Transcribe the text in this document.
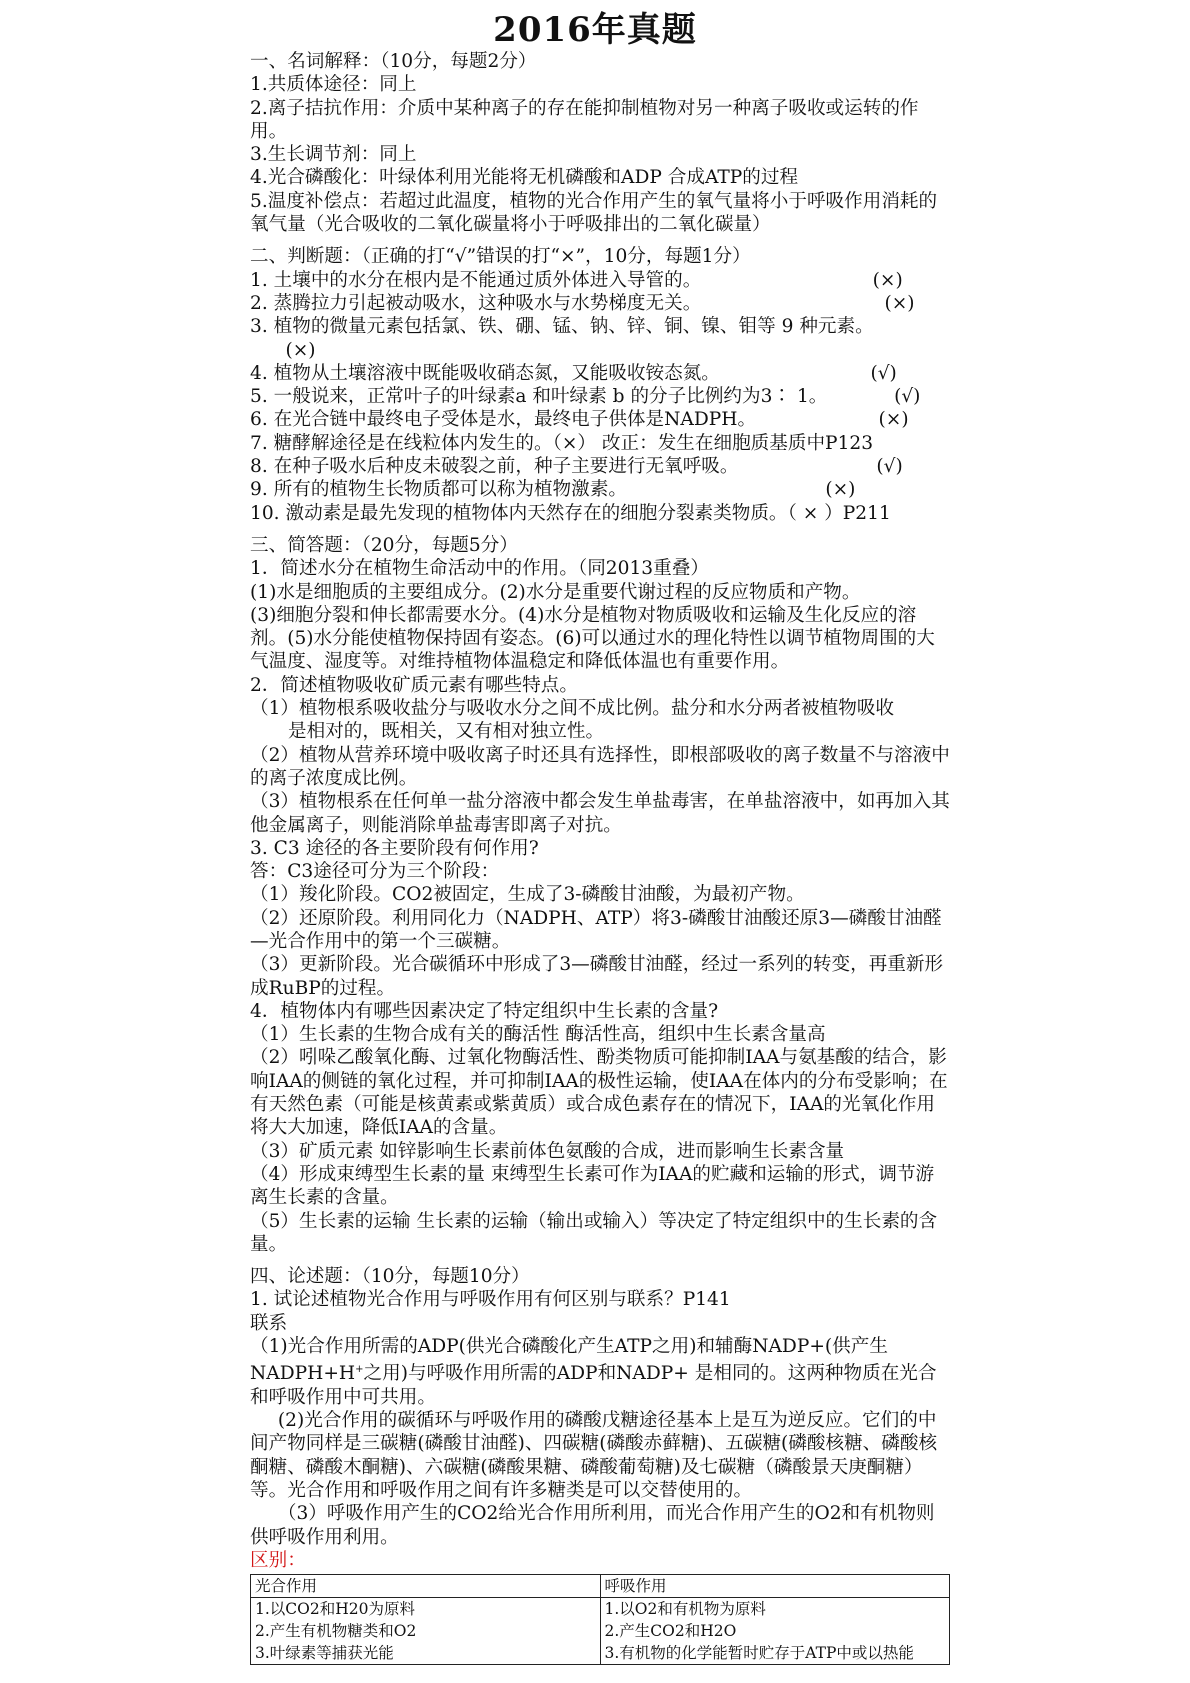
2016年真题

一、名词解释：（10分，每题2分）

1.共质体途径：同上

2.离子拮抗作用：介质中某种离子的存在能抑制植物对另一种离子吸收或运转的作用。

3.生长调节剂：同上

4.光合磷酸化：叶绿体利用光能将无机磷酸和ADP 合成ATP的过程

5.温度补偿点：若超过此温度，植物的光合作用产生的氧气量将小于呼吸作用消耗的氧气量（光合吸收的二氧化碳量将小于呼吸排出的二氧化碳量）

二、判断题：（正确的打“√”错误的打“×”，10分，每题1分）

1. 土壤中的水分在根内是不能通过质外体进入导管的。	(×)
2. 蒸腾拉力引起被动吸水，这种吸水与水势梯度无关。	(×)
3. 植物的微量元素包括氯、铁、硼、锰、钠、锌、铜、镍、钼等 9 种元素。
(×)
4. 植物从土壤溶液中既能吸收硝态氮，又能吸收铵态氮。	(√)
5. 一般说来，正常叶子的叶绿素a 和叶绿素 b 的分子比例约为3∶ 1。	(√)
6. 在光合链中最终电子受体是水，最终电子供体是NADPH。	(×)
7. 糖酵解途径是在线粒体内发生的。（×） 改正：发生在细胞质基质中P123
8. 在种子吸水后种皮未破裂之前，种子主要进行无氧呼吸。	(√)
9. 所有的植物生长物质都可以称为植物激素。	(×)
10. 激动素是最先发现的植物体内天然存在的细胞分裂素类物质。（ × ）P211

三、简答题：（20分，每题5分）

1．简述水分在植物生命活动中的作用。（同2013重叠）

(1)水是细胞质的主要组成分。(2)水分是重要代谢过程的反应物质和产物。

(3)细胞分裂和伸长都需要水分。(4)水分是植物对物质吸收和运输及生化反应的溶剂。(5)水分能使植物保持固有姿态。(6)可以通过水的理化特性以调节植物周围的大气温度、湿度等。对维持植物体温稳定和降低体温也有重要作用。

2．简述植物吸收矿质元素有哪些特点。

（1）植物根系吸收盐分与吸收水分之间不成比例。盐分和水分两者被植物吸收

是相对的，既相关，又有相对独立性。

（2）植物从营养环境中吸收离子时还具有选择性，即根部吸收的离子数量不与溶液中的离子浓度成比例。

（3）植物根系在任何单一盐分溶液中都会发生单盐毒害，在单盐溶液中，如再加入其他金属离子，则能消除单盐毒害即离子对抗。

3. C3 途径的各主要阶段有何作用?

答：C3途径可分为三个阶段：

（1）羧化阶段。CO2被固定，生成了3-磷酸甘油酸，为最初产物。

（2）还原阶段。利用同化力（NADPH、ATP）将3-磷酸甘油酸还原3—磷酸甘油醛—光合作用中的第一个三碳糖。

（3）更新阶段。光合碳循环中形成了3—磷酸甘油醛，经过一系列的转变，再重新形成RuBP的过程。

4．植物体内有哪些因素决定了特定组织中生长素的含量?

（1）生长素的生物合成有关的酶活性 酶活性高，组织中生长素含量高

（2）吲哚乙酸氧化酶、过氧化物酶活性、酚类物质可能抑制IAA与氨基酸的结合，影响IAA的侧链的氧化过程，并可抑制IAA的极性运输，使IAA在体内的分布受影响；在有天然色素（可能是核黄素或紫黄质）或合成色素存在的情况下，IAA的光氧化作用将大大加速，降低IAA的含量。

（3）矿质元素 如锌影响生长素前体色氨酸的合成，进而影响生长素含量

（4）形成束缚型生长素的量 束缚型生长素可作为IAA的贮藏和运输的形式，调节游离生长素的含量。

（5）生长素的运输 生长素的运输（输出或输入）等决定了特定组织中的生长素的含量。

四、论述题：（10分，每题10分）

1. 试论述植物光合作用与呼吸作用有何区别与联系？P141

联系

（1)光合作用所需的ADP(供光合磷酸化产生ATP之用)和辅酶NADP+(供产生NADPH+H+之用)与呼吸作用所需的ADP和NADP+ 是相同的。这两种物质在光合和呼吸作用中可共用。

(2)光合作用的碳循环与呼吸作用的磷酸戊糖途径基本上是互为逆反应。它们的中间产物同样是三碳糖(磷酸甘油醛)、四碳糖(磷酸赤藓糖)、五碳糖(磷酸核糖、磷酸核酮糖、磷酸木酮糖)、六碳糖(磷酸果糖、磷酸葡萄糖)及七碳糖（磷酸景天庚酮糖）等。光合作用和呼吸作用之间有许多糖类是可以交替使用的。

（3）呼吸作用产生的CO2给光合作用所利用，而光合作用产生的O2和有机物则供呼吸作用利用。

区别：

光合作用	呼吸作用
1.以CO2和H20为原料	1.以O2和有机物为原料
2.产生有机物糖类和O2	2.产生CO2和H2O
3.叶绿素等捕获光能	3.有机物的化学能暂时贮存于ATP中或以热能
